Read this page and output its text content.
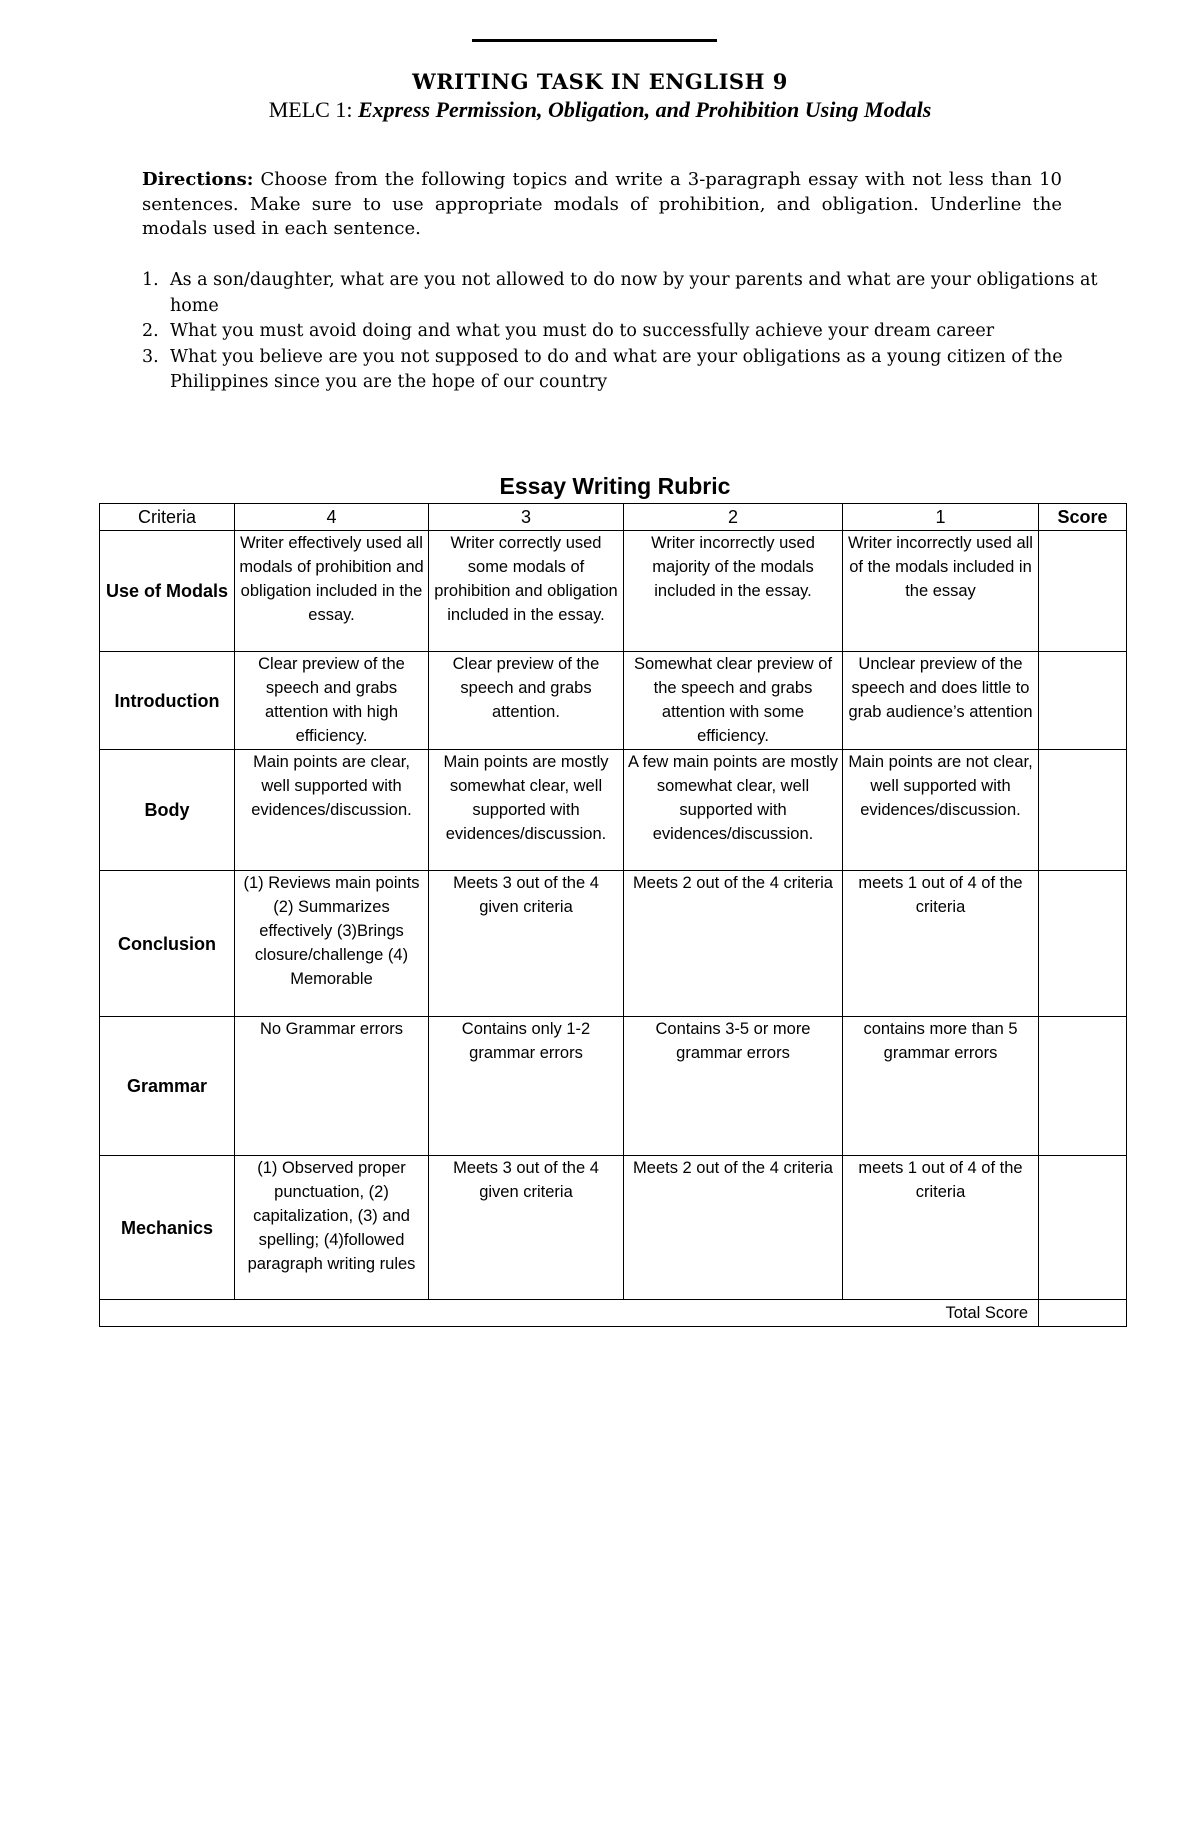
WRITING TASK IN ENGLISH 9
MELC 1: Express Permission, Obligation, and Prohibition Using Modals
Directions: Choose from the following topics and write a 3-paragraph essay with not less than 10 sentences. Make sure to use appropriate modals of prohibition, and obligation. Underline the modals used in each sentence.
1. As a son/daughter, what are you not allowed to do now by your parents and what are your obligations at home
2. What you must avoid doing and what you must do to successfully achieve your dream career
3. What you believe are you not supposed to do and what are your obligations as a young citizen of the Philippines since you are the hope of our country
Essay Writing Rubric
Criteria	4	3	2	1	Score
Use of Modals	Writer effectively used all modals of prohibition and obligation included in the essay.	Writer correctly used some modals of prohibition and obligation included in the essay.	Writer incorrectly used majority of the modals included in the essay.	Writer incorrectly used all of the modals included in the essay	
Introduction	Clear preview of the speech and grabs attention with high efficiency.	Clear preview of the speech and grabs attention.	Somewhat clear preview of the speech and grabs attention with some efficiency.	Unclear preview of the speech and does little to grab audience’s attention	
Body	Main points are clear, well supported with evidences/discussion.	Main points are mostly somewhat clear, well supported with evidences/discussion.	A few main points are mostly somewhat clear, well supported with evidences/discussion.	Main points are not clear, well supported with evidences/discussion.	
Conclusion	(1) Reviews main points (2) Summarizes effectively (3)Brings closure/challenge (4) Memorable	Meets 3 out of the 4 given criteria	Meets 2 out of the 4 criteria	meets 1 out of 4 of the criteria	
Grammar	No Grammar errors	Contains only 1-2 grammar errors	Contains 3-5 or more grammar errors	contains more than 5 grammar errors	
Mechanics	(1) Observed proper punctuation, (2) capitalization, (3) and spelling; (4)followed paragraph writing rules	Meets 3 out of the 4 given criteria	Meets 2 out of the 4 criteria	meets 1 out of 4 of the criteria	
Total Score					
